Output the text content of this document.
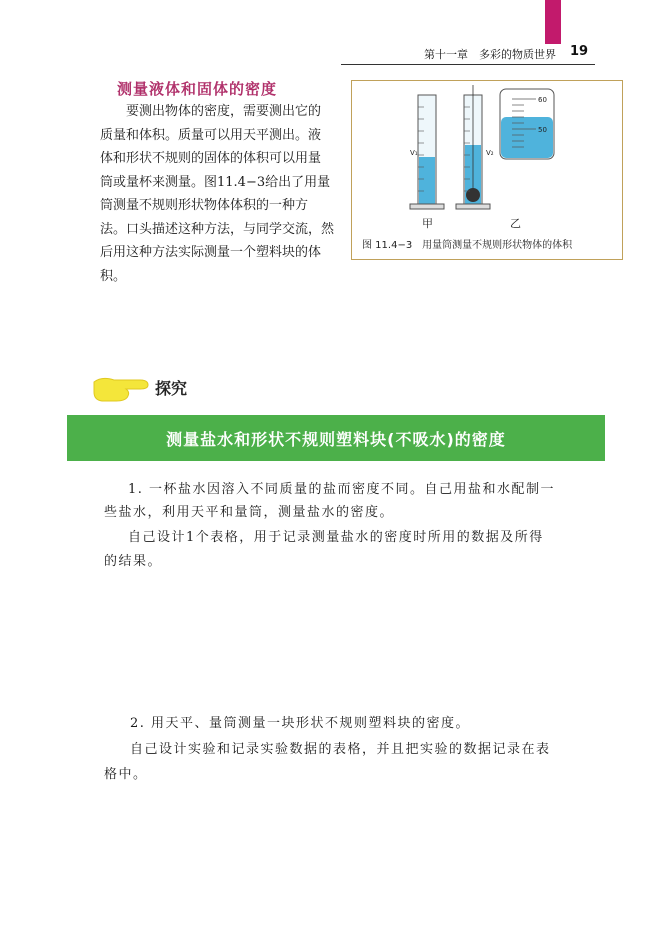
第十一章　多彩的物质世界 19
测量液体和固体的密度
要测出物体的密度，需要测出它的
质量和体积。质量可以用天平测出。液
体和形状不规则的固体的体积可以用量
筒或量杯来测量。图11.4−3给出了用量
筒测量不规则形状物体体积的一种方
法。口头描述这种方法，与同学交流，然
后用这种方法实际测量一个塑料块的体
积。
V₁	V₂
60
50
甲	乙
图 11.4−3　用量筒测量不规则形状物体的体积
探究
测量盐水和形状不规则塑料块(不吸水)的密度
1. 一杯盐水因溶入不同质量的盐而密度不同。自己用盐和水配制一
些盐水，利用天平和量筒，测量盐水的密度。
自己设计1个表格，用于记录测量盐水的密度时所用的数据及所得
的结果。
2. 用天平、量筒测量一块形状不规则塑料块的密度。
自己设计实验和记录实验数据的表格，并且把实验的数据记录在表
格中。
